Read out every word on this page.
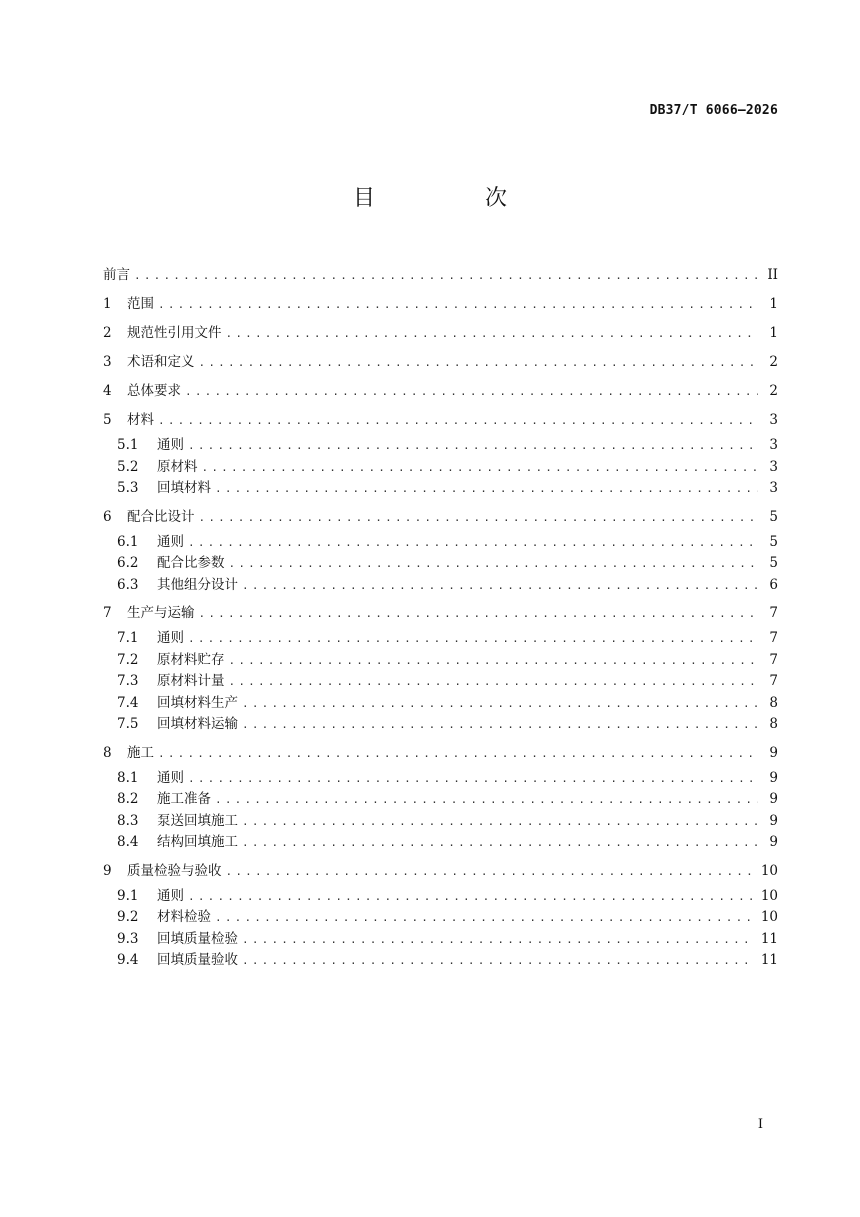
DB37/T 6066—2026
目　次
前言 .....	II
1	范围 .....	1
2	规范性引用文件 .....	1
3	术语和定义 .....	2
4	总体要求 .....	2
5	材料 .....	3
5.1	通则 .....	3
5.2	原材料 .....	3
5.3	回填材料 .....	3
6	配合比设计 .....	5
6.1	通则 .....	5
6.2	配合比参数 .....	5
6.3	其他组分设计 .....	6
7	生产与运输 .....	7
7.1	通则 .....	7
7.2	原材料贮存 .....	7
7.3	原材料计量 .....	7
7.4	回填材料生产 .....	8
7.5	回填材料运输 .....	8
8	施工 .....	9
8.1	通则 .....	9
8.2	施工准备 .....	9
8.3	泵送回填施工 .....	9
8.4	结构回填施工 .....	9
9	质量检验与验收 .....	10
9.1	通则 .....	10
9.2	材料检验 .....	10
9.3	回填质量检验 .....	11
9.4	回填质量验收 .....	11
I
